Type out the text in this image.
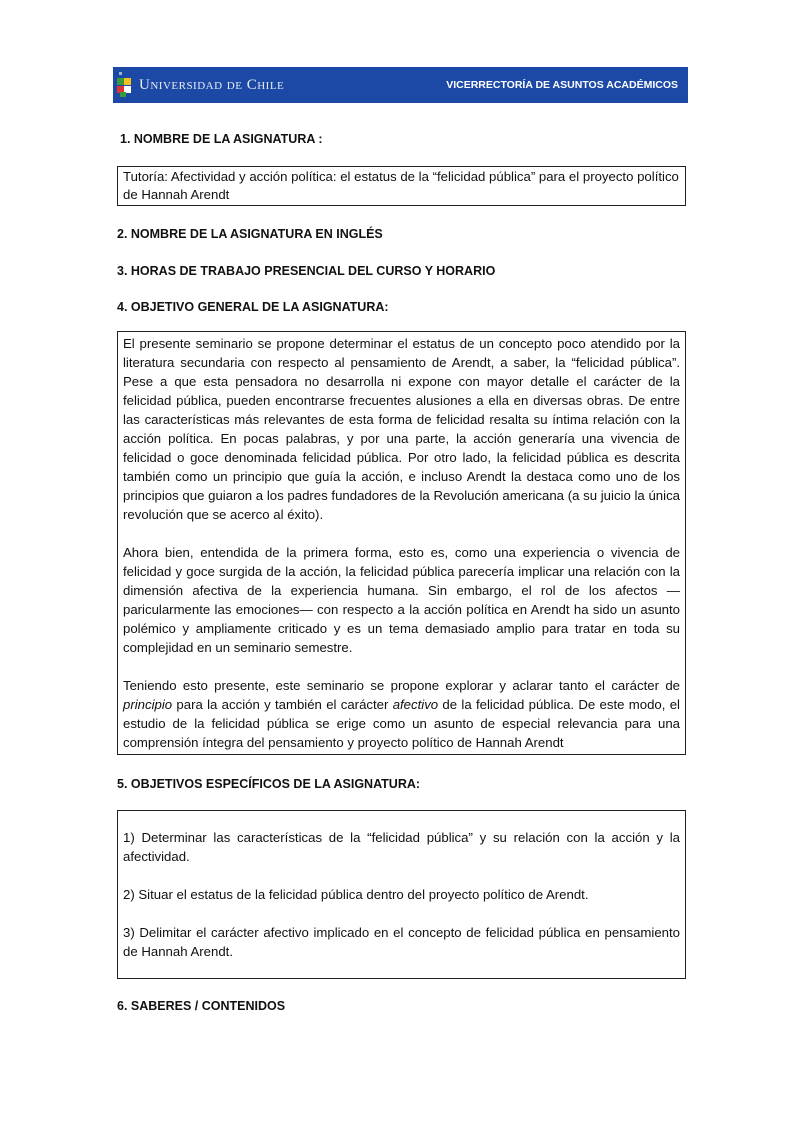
Universidad de Chile	VICERRECTORÍA DE ASUNTOS ACADÉMICOS
1. NOMBRE DE LA ASIGNATURA :

Tutoría: Afectividad y acción política: el estatus de la “felicidad pública” para el proyecto político de Hannah Arendt

2. NOMBRE DE LA ASIGNATURA EN INGLÉS
3. HORAS DE TRABAJO PRESENCIAL DEL CURSO Y HORARIO
4. OBJETIVO GENERAL DE LA ASIGNATURA:

El presente seminario se propone determinar el estatus de un concepto poco atendido por la literatura secundaria con respecto al pensamiento de Arendt, a saber, la “felicidad pública”. Pese a que esta pensadora no desarrolla ni expone con mayor detalle el carácter de la felicidad pública, pueden encontrarse frecuentes alusiones a ella en diversas obras. De entre las características más relevantes de esta forma de felicidad resalta su íntima relación con la acción política. En pocas palabras, y por una parte, la acción generaría una vivencia de felicidad o goce denominada felicidad pública. Por otro lado, la felicidad pública es descrita también como un principio que guía la acción, e incluso Arendt la destaca como uno de los principios que guiaron a los padres fundadores de la Revolución americana (a su juicio la única revolución que se acerco al éxito).

Ahora bien, entendida de la primera forma, esto es, como una experiencia o vivencia de felicidad y goce surgida de la acción, la felicidad pública parecería implicar una relación con la dimensión afectiva de la experiencia humana. Sin embargo, el rol de los afectos —paricularmente las emociones— con respecto a la acción política en Arendt ha sido un asunto polémico y ampliamente criticado y es un tema demasiado amplio para tratar en toda su complejidad en un seminario semestre.

Teniendo esto presente, este seminario se propone explorar y aclarar tanto el carácter de principio para la acción y también el carácter afectivo de la felicidad pública. De este modo, el estudio de la felicidad pública se erige como un asunto de especial relevancia para una comprensión íntegra del pensamiento y proyecto político de Hannah Arendt

5. OBJETIVOS ESPECÍFICOS DE LA ASIGNATURA:

1) Determinar las características de la “felicidad pública” y su relación con la acción y la afectividad.

2) Situar el estatus de la felicidad pública dentro del proyecto político de Arendt.

3) Delimitar el carácter afectivo implicado en el concepto de felicidad pública en pensamiento de Hannah Arendt.

6. SABERES / CONTENIDOS
